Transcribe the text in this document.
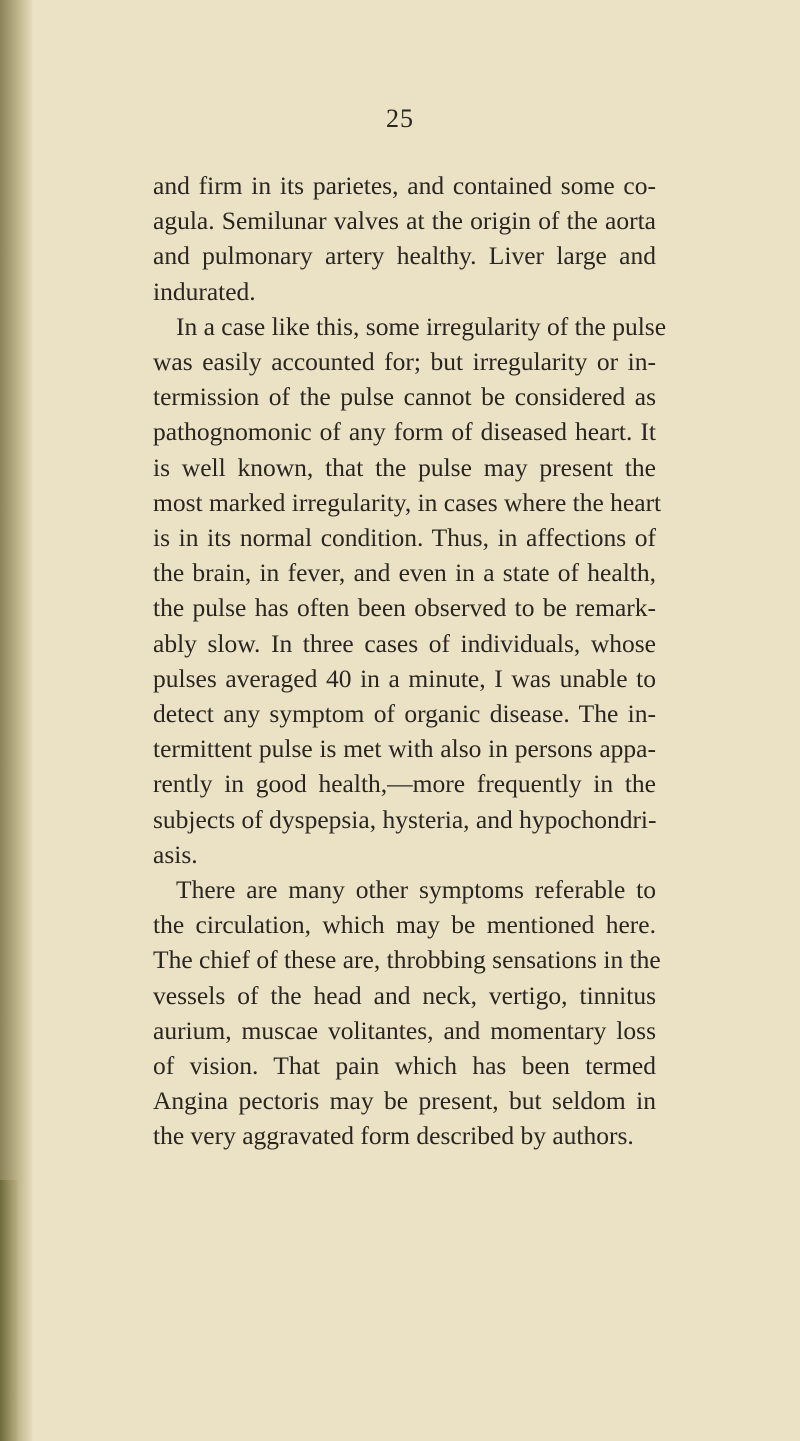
25
and firm in its parietes, and contained some co-
agula. Semilunar valves at the origin of the aorta
and pulmonary artery healthy. Liver large and
indurated.
In a case like this, some irregularity of the pulse
was easily accounted for; but irregularity or in-
termission of the pulse cannot be considered as
pathognomonic of any form of diseased heart. It
is well known, that the pulse may present the
most marked irregularity, in cases where the heart
is in its normal condition. Thus, in affections of
the brain, in fever, and even in a state of health,
the pulse has often been observed to be remark-
ably slow. In three cases of individuals, whose
pulses averaged 40 in a minute, I was unable to
detect any symptom of organic disease. The in-
termittent pulse is met with also in persons appa-
rently in good health,—more frequently in the
subjects of dyspepsia, hysteria, and hypochondri-
asis.
There are many other symptoms referable to
the circulation, which may be mentioned here.
The chief of these are, throbbing sensations in the
vessels of the head and neck, vertigo, tinnitus
aurium, muscae volitantes, and momentary loss
of vision. That pain which has been termed
Angina pectoris may be present, but seldom in
the very aggravated form described by authors.
